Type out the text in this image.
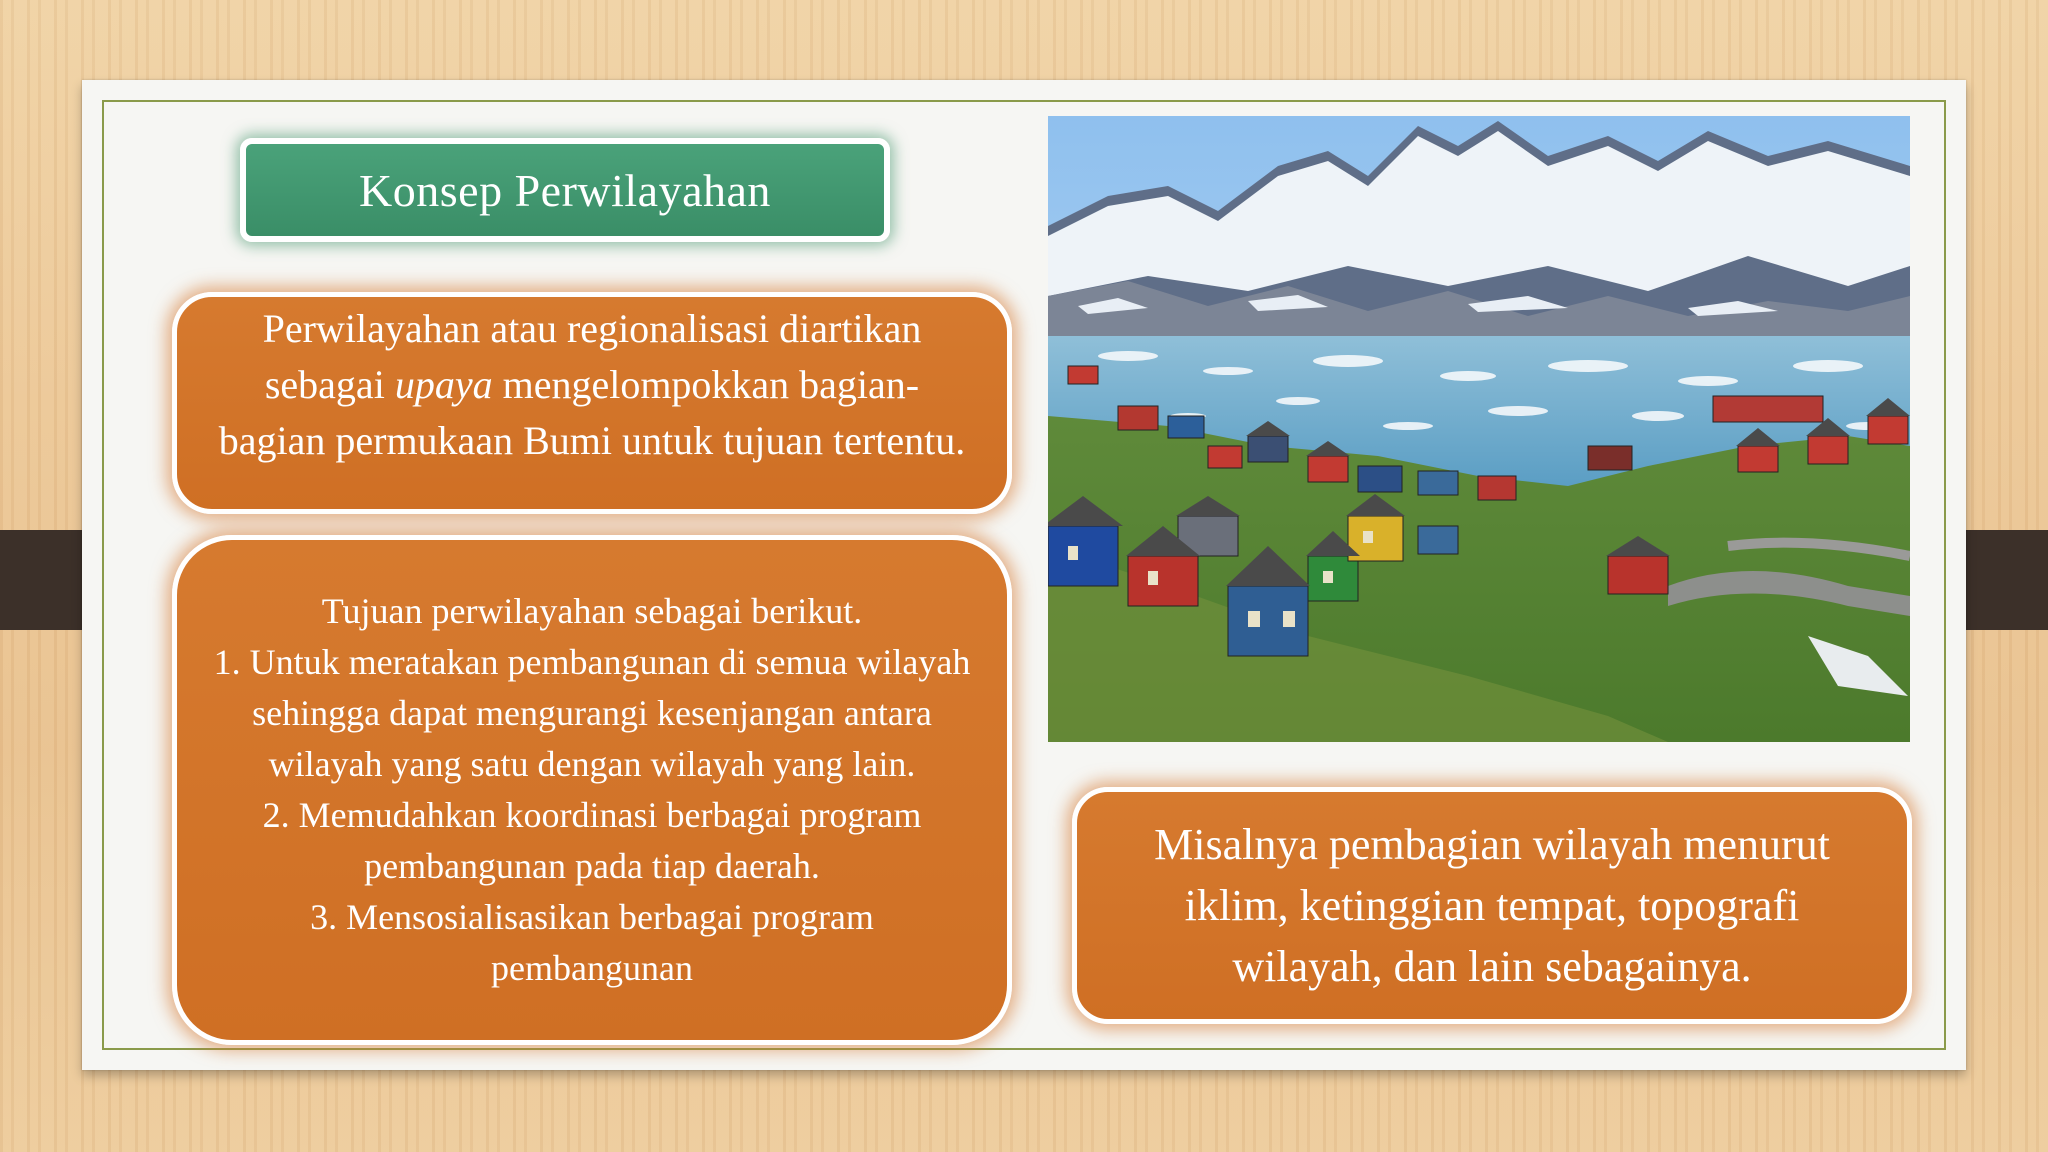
Konsep Perwilayahan
Perwilayahan atau regionalisasi diartikan sebagai upaya mengelompokkan bagian-bagian permukaan Bumi untuk tujuan tertentu.
Tujuan perwilayahan sebagai berikut.
1. Untuk meratakan pembangunan di semua wilayah sehingga dapat mengurangi kesenjangan antara wilayah yang satu dengan wilayah yang lain.
2. Memudahkan koordinasi berbagai program pembangunan pada tiap daerah.
3. Mensosialisasikan berbagai program pembangunan
Misalnya pembagian wilayah menurut iklim, ketinggian tempat, topografi wilayah, dan lain sebagainya.
